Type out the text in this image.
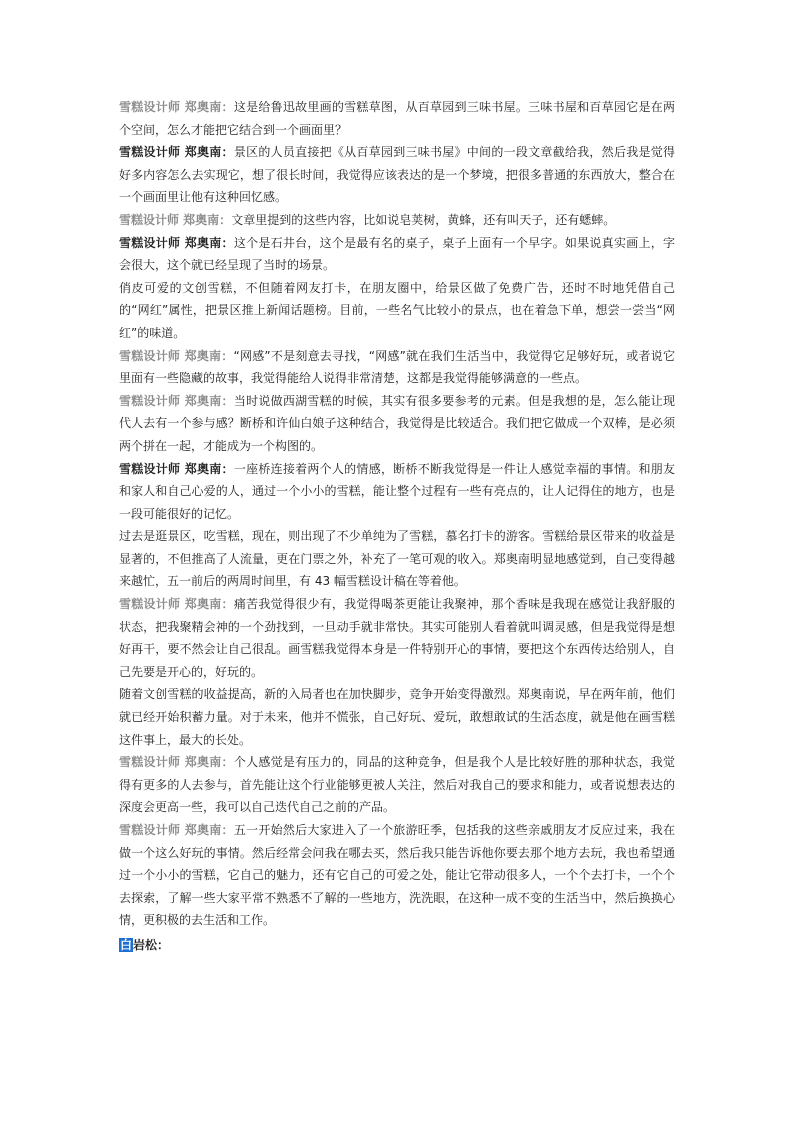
雪糕设计师 郑奥南：这是给鲁迅故里画的雪糕草图，从百草园到三味书屋。三味书屋和百草园它是在两个空间，怎么才能把它结合到一个画面里？

雪糕设计师 郑奥南：景区的人员直接把《从百草园到三味书屋》中间的一段文章截给我，然后我是觉得好多内容怎么去实现它，想了很长时间，我觉得应该表达的是一个梦境，把很多普通的东西放大，整合在一个画面里让他有这种回忆感。

雪糕设计师 郑奥南：文章里提到的这些内容，比如说皂荚树，黄蜂，还有叫天子，还有蟋蟀。

雪糕设计师 郑奥南：这个是石井台，这个是最有名的桌子，桌子上面有一个早字。如果说真实画上，字会很大，这个就已经呈现了当时的场景。

俏皮可爱的文创雪糕，不但随着网友打卡，在朋友圈中，给景区做了免费广告，还时不时地凭借自己的“网红”属性，把景区推上新闻话题榜。目前，一些名气比较小的景点，也在着急下单，想尝一尝当“网红”的味道。

雪糕设计师 郑奥南：“网感”不是刻意去寻找，“网感”就在我们生活当中，我觉得它足够好玩，或者说它里面有一些隐藏的故事，我觉得能给人说得非常清楚，这都是我觉得能够满意的一些点。

雪糕设计师 郑奥南：当时说做西湖雪糕的时候，其实有很多要参考的元素。但是我想的是，怎么能让现代人去有一个参与感？断桥和许仙白娘子这种结合，我觉得是比较适合。我们把它做成一个双棒，是必须两个拼在一起，才能成为一个构图的。

雪糕设计师 郑奥南：一座桥连接着两个人的情感，断桥不断我觉得是一件让人感觉幸福的事情。和朋友和家人和自己心爱的人，通过一个小小的雪糕，能让整个过程有一些有亮点的，让人记得住的地方，也是一段可能很好的记忆。

过去是逛景区，吃雪糕，现在，则出现了不少单纯为了雪糕，慕名打卡的游客。雪糕给景区带来的收益是显著的，不但推高了人流量，更在门票之外，补充了一笔可观的收入。郑奥南明显地感觉到，自己变得越来越忙，五一前后的两周时间里，有 43 幅雪糕设计稿在等着他。

雪糕设计师 郑奥南：痛苦我觉得很少有，我觉得喝茶更能让我聚神，那个香味是我现在感觉让我舒服的状态，把我聚精会神的一个劲找到，一旦动手就非常快。其实可能别人看着就叫调灵感，但是我觉得是想好再干，要不然会让自己很乱。画雪糕我觉得本身是一件特别开心的事情，要把这个东西传达给别人，自己先要是开心的，好玩的。

随着文创雪糕的收益提高，新的入局者也在加快脚步，竞争开始变得激烈。郑奥南说，早在两年前，他们就已经开始积蓄力量。对于未来，他并不慌张，自己好玩、爱玩，敢想敢试的生活态度，就是他在画雪糕这件事上，最大的长处。

雪糕设计师 郑奥南：个人感觉是有压力的，同品的这种竞争，但是我个人是比较好胜的那种状态，我觉得有更多的人去参与，首先能让这个行业能够更被人关注，然后对我自己的要求和能力，或者说想表达的深度会更高一些，我可以自己迭代自己之前的产品。

雪糕设计师 郑奥南：五一开始然后大家进入了一个旅游旺季，包括我的这些亲戚朋友才反应过来，我在做一个这么好玩的事情。然后经常会问我在哪去买，然后我只能告诉他你要去那个地方去玩，我也希望通过一个小小的雪糕，它自己的魅力，还有它自己的可爱之处，能让它带动很多人，一个个去打卡，一个个去探索，了解一些大家平常不熟悉不了解的一些地方，洗洗眼，在这种一成不变的生活当中，然后换换心情，更积极的去生活和工作。

白岩松：
